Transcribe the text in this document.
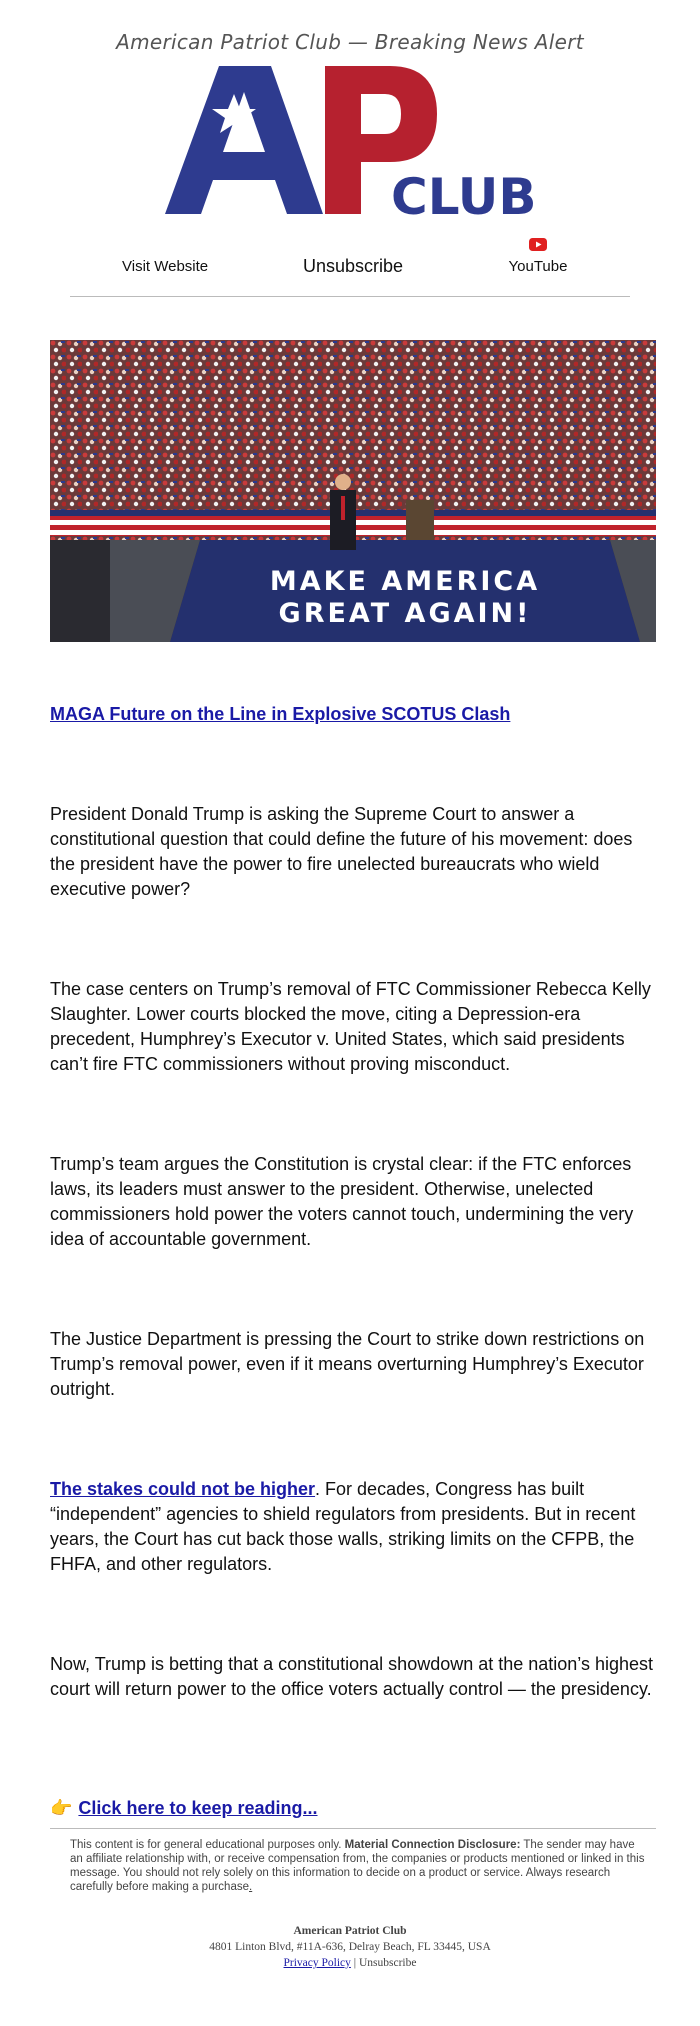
American Patriot Club — Breaking News Alert
CLUB
Visit Website	Unsubscribe	YouTube
MAKE AMERICA
GREAT AGAIN!
MAGA Future on the Line in Explosive SCOTUS Clash
President Donald Trump is asking the Supreme Court to answer a constitutional question that could define the future of his movement: does the president have the power to fire unelected bureaucrats who wield executive power?
The case centers on Trump’s removal of FTC Commissioner Rebecca Kelly Slaughter. Lower courts blocked the move, citing a Depression-era precedent, Humphrey’s Executor v. United States, which said presidents can’t fire FTC commissioners without proving misconduct.
Trump’s team argues the Constitution is crystal clear: if the FTC enforces laws, its leaders must answer to the president. Otherwise, unelected commissioners hold power the voters cannot touch, undermining the very idea of accountable government.
The Justice Department is pressing the Court to strike down restrictions on Trump’s removal power, even if it means overturning Humphrey’s Executor outright.
The stakes could not be higher. For decades, Congress has built “independent” agencies to shield regulators from presidents. But in recent years, the Court has cut back those walls, striking limits on the CFPB, the FHFA, and other regulators.
Now, Trump is betting that a constitutional showdown at the nation’s highest court will return power to the office voters actually control — the presidency.
👉 Click here to keep reading...
This content is for general educational purposes only. Material Connection Disclosure: The sender may have an affiliate relationship with, or receive compensation from, the companies or products mentioned or linked in this message. You should not rely solely on this information to decide on a product or service. Always research carefully before making a purchase.
American Patriot Club
4801 Linton Blvd, #11A-636, Delray Beach, FL 33445, USA
Privacy Policy | Unsubscribe
